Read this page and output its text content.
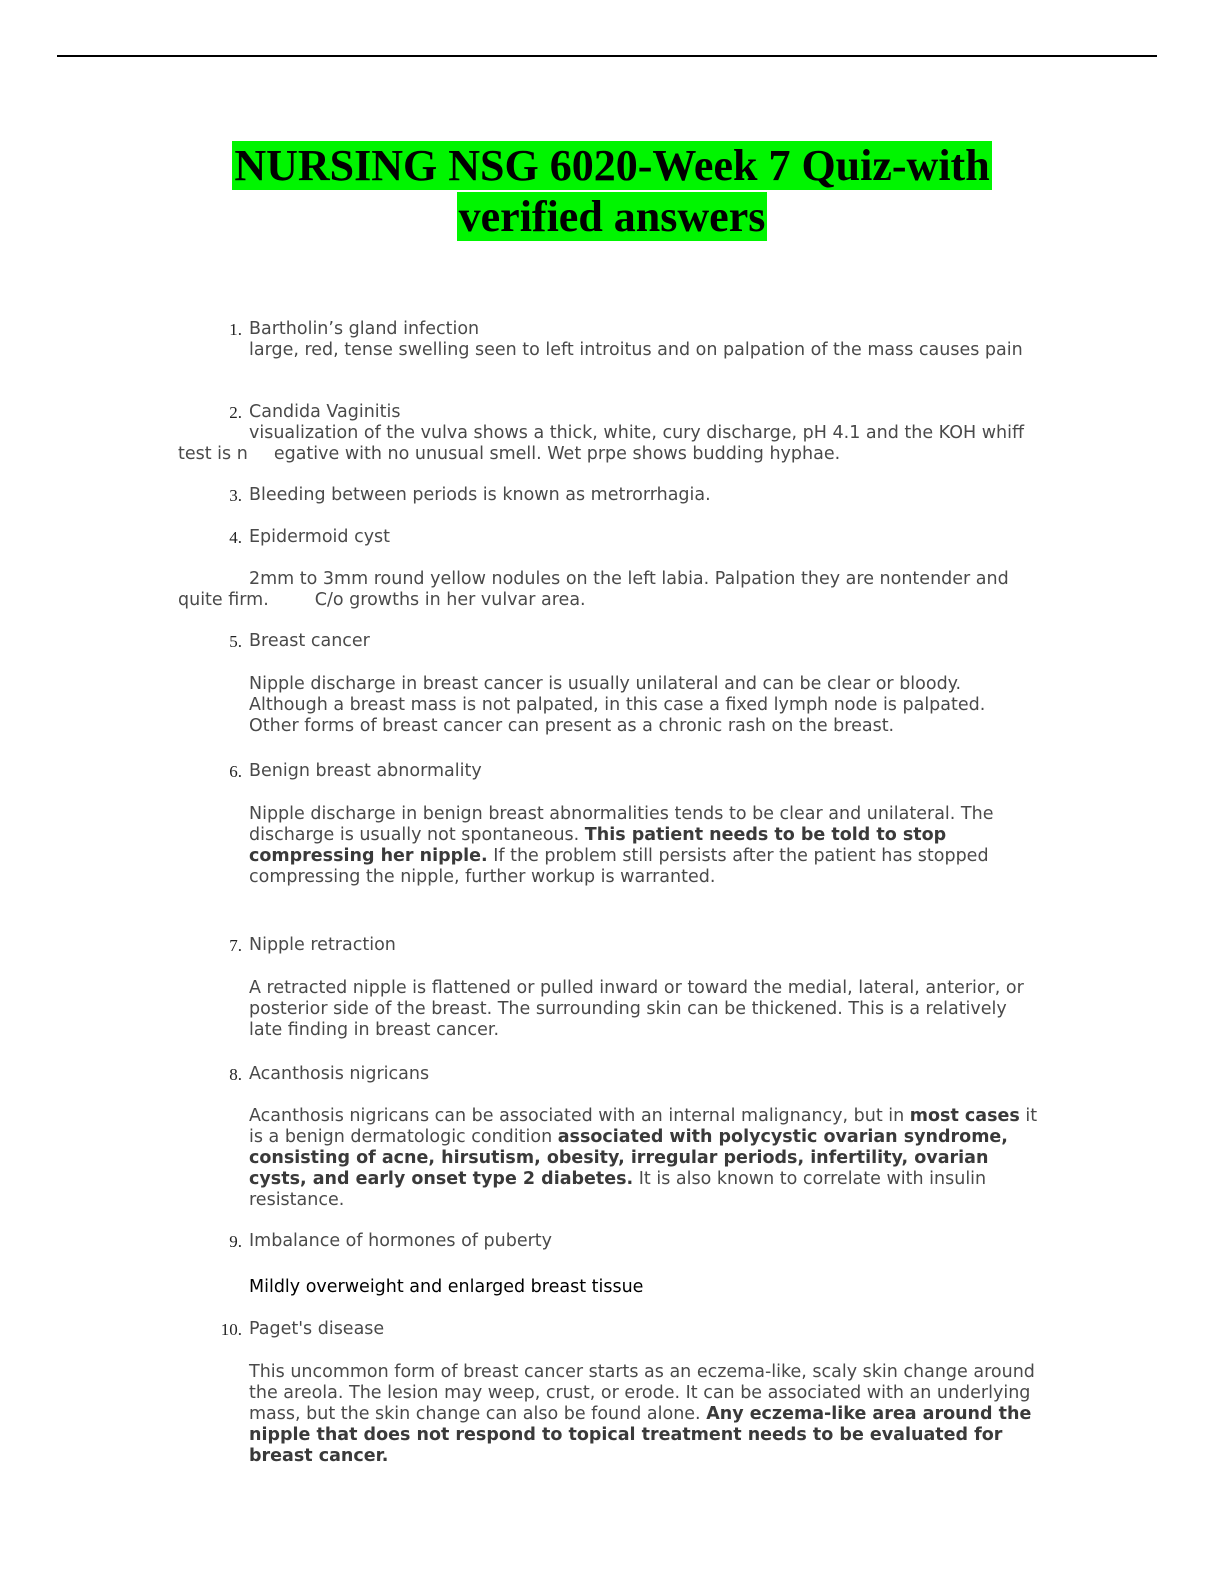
NURSING NSG 6020-Week 7 Quiz-with
verified answers
1. Bartholin’s gland infection
large, red, tense swelling seen to left introitus and on palpation of the mass causes pain
2. Candida Vaginitis
visualization of the vulva shows a thick, white, cury discharge, pH 4.1 and the KOH whiff test is n egative with no unusual smell. Wet prpe shows budding hyphae.
3. Bleeding between periods is known as metrorrhagia.
4. Epidermoid cyst
2mm to 3mm round yellow nodules on the left labia. Palpation they are nontender and quite firm.	C/o growths in her vulvar area.
5. Breast cancer
Nipple discharge in breast cancer is usually unilateral and can be clear or bloody. Although a breast mass is not palpated, in this case a fixed lymph node is palpated. Other forms of breast cancer can present as a chronic rash on the breast.
6. Benign breast abnormality
Nipple discharge in benign breast abnormalities tends to be clear and unilateral. The discharge is usually not spontaneous. This patient needs to be told to stop compressing her nipple. If the problem still persists after the patient has stopped compressing the nipple, further workup is warranted.
7. Nipple retraction
A retracted nipple is flattened or pulled inward or toward the medial, lateral, anterior, or posterior side of the breast. The surrounding skin can be thickened. This is a relatively late finding in breast cancer.
8. Acanthosis nigricans
Acanthosis nigricans can be associated with an internal malignancy, but in most cases it is a benign dermatologic condition associated with polycystic ovarian syndrome, consisting of acne, hirsutism, obesity, irregular periods, infertility, ovarian cysts, and early onset type 2 diabetes. It is also known to correlate with insulin resistance.
9. Imbalance of hormones of puberty
Mildly overweight and enlarged breast tissue
10. Paget's disease
This uncommon form of breast cancer starts as an eczema-like, scaly skin change around the areola. The lesion may weep, crust, or erode. It can be associated with an underlying mass, but the skin change can also be found alone. Any eczema-like area around the nipple that does not respond to topical treatment needs to be evaluated for breast cancer.
